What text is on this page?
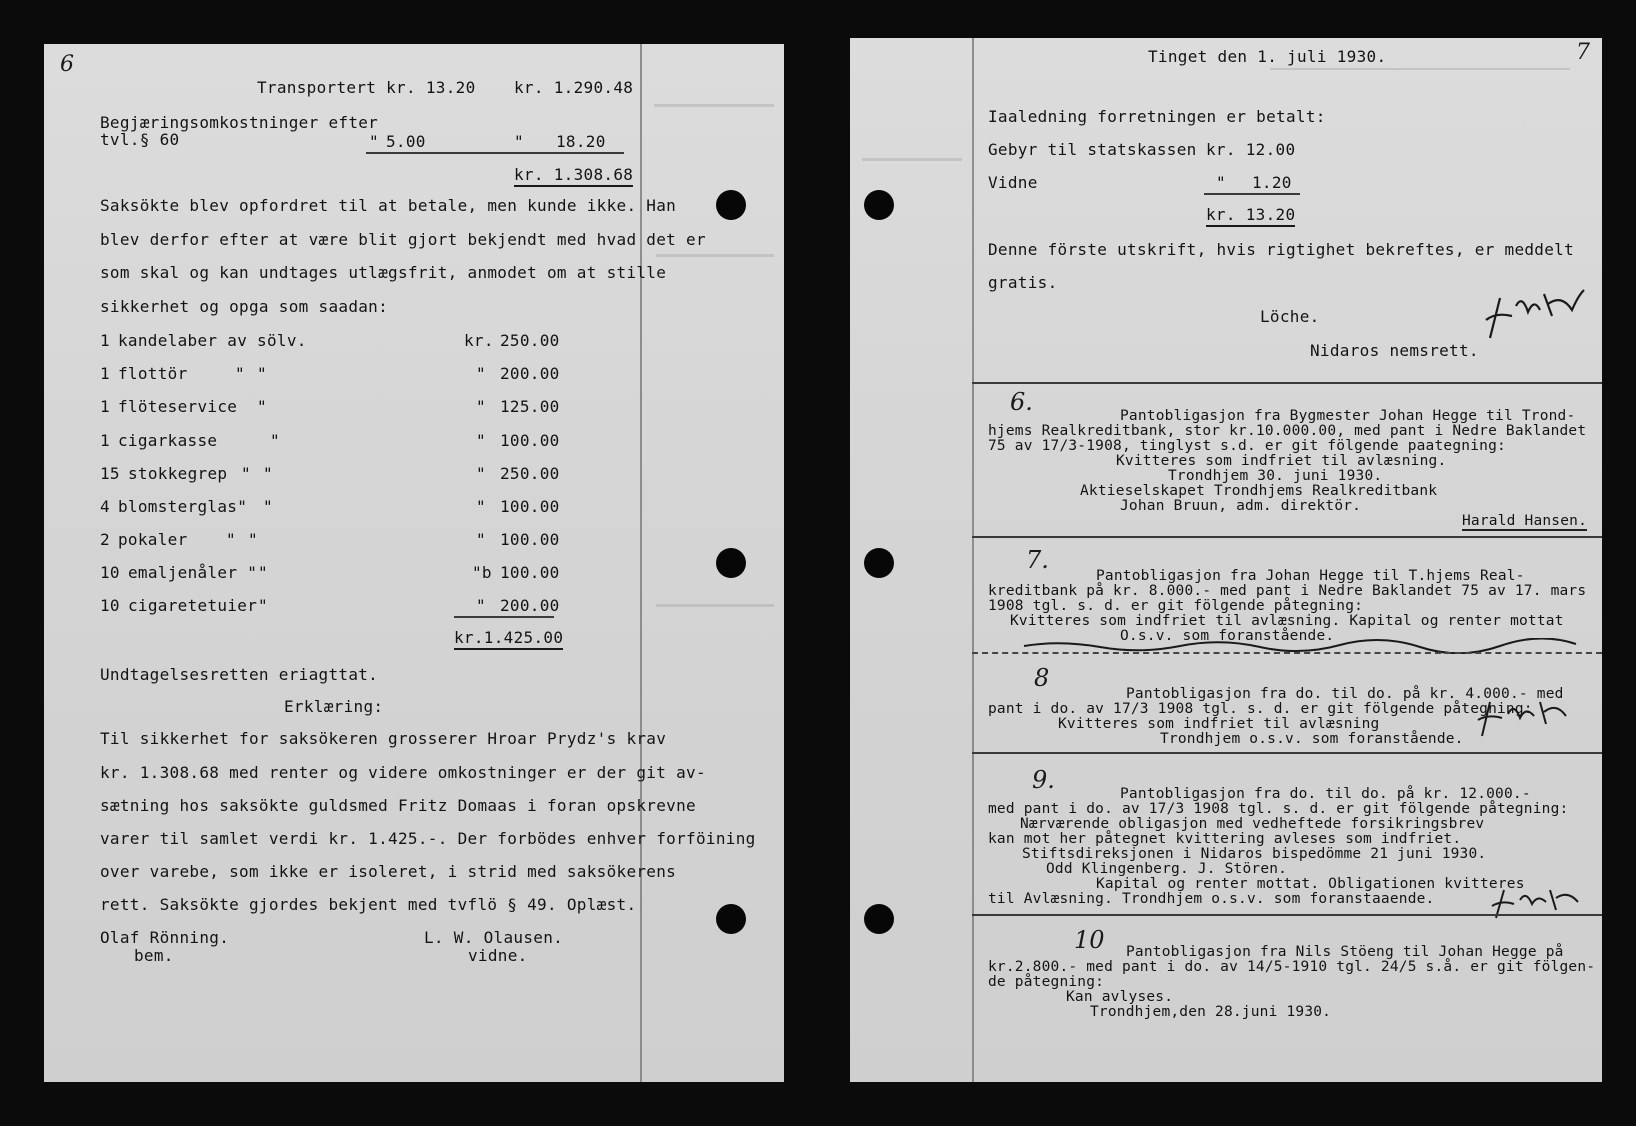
6
Transportert kr. 13.20 kr. 1.290.48
Begjæringsomkostninger efter
tvl.§ 60	" 5.00	" 18.20
kr. 1.308.68
Saksökte blev opfordret til at betale, men kunde ikke. Han
blev derfor efter at være blit gjort bekjendt med hvad det er
som skal og kan undtages utlægsfrit, anmodet om at stille
sikkerhet og opga som saadan:
1 kandelaber av sölv.	kr. 250.00
1 flottör	" "	" 200.00
1 flöteservice "	" 125.00
1 cigarkasse	"	" 100.00
15 stokkegrep " "	" 250.00
4 blomsterglas" "	" 100.00
2 pokaler " "	" 100.00
10 emaljenåler " "	"b 100.00
10 cigaretetuier "	" 200.00
kr.1.425.00
Undtagelsesretten eriagttat.
Erklæring:
Til sikkerhet for saksökeren grosserer Hroar Prydz's krav
kr. 1.308.68 med renter og videre omkostninger er der git av-
sætning hos saksökte guldsmed Fritz Domaas i foran opskrevne
varer til samlet verdi kr. 1.425.-. Der forbödes enhver forföining
over varebe, som ikke er isoleret, i strid med saksökerens
rett. Saksökte gjordes bekjent med tvflö § 49. Oplæst.
Olaf Rönning.
bem.
L. W. Olausen.
vidne.
7
Tinget den 1. juli 1930.
Iaaledning forretningen er betalt:
Gebyr til statskassen kr. 12.00
Vidne	" 1.20
kr. 13.20
Denne förste utskrift, hvis rigtighet bekreftes, er meddelt
gratis.
Löche.
Nidaros nemsrett.
6.	Pantobligasjon fra Bygmester Johan Hegge til Trond-
hjems Realkreditbank, stor kr.10.000.00, med pant i Nedre Baklandet
75 av 17/3-1908, tinglyst s.d. er git fölgende paategning:
Kvitteres som indfriet til avlæsning.
Trondhjem 30. juni 1930.
Aktieselskapet Trondhjems Realkreditbank
Johan Bruun, adm. direktör.
Harald Hansen.
7.
Pantobligasjon fra Johan Hegge til T.hjems Real-
kreditbank på kr. 8.000.- med pant i Nedre Baklandet 75 av 17. mars
1908 tgl. s. d. er git fölgende påtegning:
Kvitteres som indfriet til avlæsning. Kapital og renter mottat
O.s.v. som foranstående.
8
Pantobligasjon fra do. til do. på kr. 4.000.- med
pant i do. av 17/3 1908 tgl. s. d. er git fölgende påtegning:
Kvitteres som indfriet til avlæsning
Trondhjem o.s.v. som foranstående.
9.	Pantobligasjon fra do. til do. på kr. 12.000.-
med pant i do. av 17/3 1908 tgl. s. d. er git fölgende påtegning:
Nærværende obligasjon med vedheftede forsikringsbrev
kan mot her påtegnet kvittering avleses som indfriet.
Stiftsdireksjonen i Nidaros bispedömme 21 juni 1930.
Odd Klingenberg. J. Stören.
Kapital og renter mottat. Obligationen kvitteres
til Avlæsning. Trondhjem o.s.v. som foranstaaende.
10 Pantobligasjon fra Nils Stöeng til Johan Hegge på
kr.2.800.- med pant i do. av 14/5-1910 tgl. 24/5 s.å. er git fölgen-
de påtegning:
Kan avlyses.
Trondhjem,den 28.juni 1930.
